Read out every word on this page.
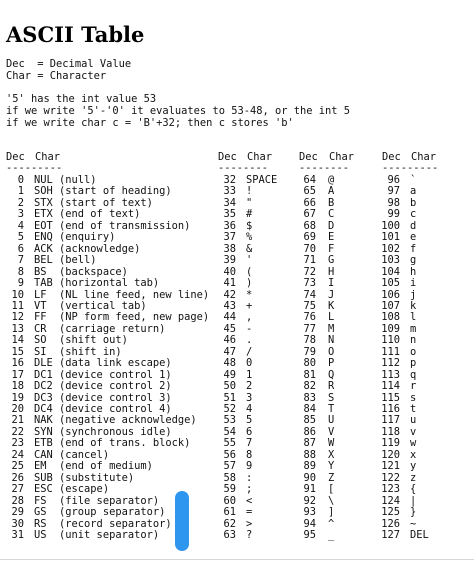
ASCII Table
Dec  = Decimal Value
Char = Character
'5' has the int value 53
if we write '5'-'0' it evaluates to 53-48, or the int 5
if we write char c = 'B'+32; then c stores 'b'
Dec Char
---------
0 NUL (null)
1 SOH (start of heading)
2 STX (start of text)
3 ETX (end of text)
4 EOT (end of transmission)
5 ENQ (enquiry)
6 ACK (acknowledge)
7 BEL (bell)
8 BS  (backspace)
9 TAB (horizontal tab)
10 LF  (NL line feed, new line)
11 VT  (vertical tab)
12 FF  (NP form feed, new page)
13 CR  (carriage return)
14 SO  (shift out)
15 SI  (shift in)
16 DLE (data link escape)
17 DC1 (device control 1)
18 DC2 (device control 2)
19 DC3 (device control 3)
20 DC4 (device control 4)
21 NAK (negative acknowledge)
22 SYN (synchronous idle)
23 ETB (end of trans. block)
24 CAN (cancel)
25 EM  (end of medium)
26 SUB (substitute)
27 ESC (escape)
28 FS  (file separator)
29 GS  (group separator)
30 RS  (record separator)
31 US  (unit separator)
Dec Char
--------
32 SPACE
33 !
34 "
35 #
36 $
37 %
38 &
39 '
40 (
41 )
42 *
43 +
44 ,
45 -
46 .
47 /
48 0
49 1
50 2
51 3
52 4
53 5
54 6
55 7
56 8
57 9
58 :
59 ;
60 <
61 =
62 >
63 ?
Dec Char
--------
64 @
65 A
66 B
67 C
68 D
69 E
70 F
71 G
72 H
73 I
74 J
75 K
76 L
77 M
78 N
79 O
80 P
81 Q
82 R
83 S
84 T
85 U
86 V
87 W
88 X
89 Y
90 Z
91 [
92 \
93 ]
94 ^
95 _
Dec Char
---------
96 `
97 a
98 b
99 c
100 d
101 e
102 f
103 g
104 h
105 i
106 j
107 k
108 l
109 m
110 n
111 o
112 p
113 q
114 r
115 s
116 t
117 u
118 v
119 w
120 x
121 y
122 z
123 {
124 |
125 }
126 ~
127 DEL
